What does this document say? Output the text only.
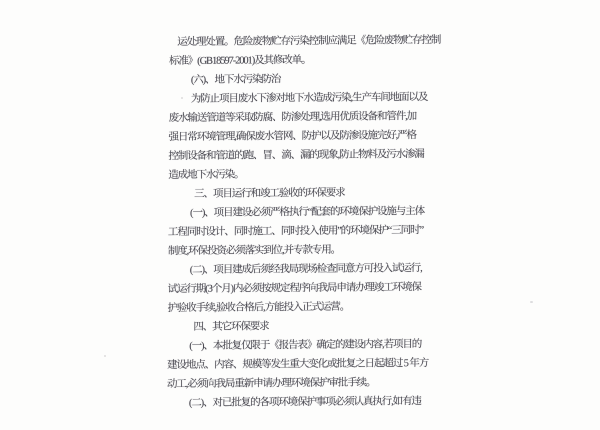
运处理处置。危险废物贮存污染控制应满足《危险废物贮存控制
标准》(GB18597-2001)及其修改单。
(六)、地下水污染防治
为防止项目废水下渗对地下水造成污染,生产车间地面以及
废水输送管道等采取防腐、防渗处理,选用优质设备和管件,加
强日常环境管理,确保废水管网、防护以及防渗设施完好,严格
控制设备和管道的跑、冒、滴、漏的现象,防止物料及污水渗漏
造成地下水污染。
三、项目运行和竣工验收的环保要求
(一)、项目建设必须严格执行“配套的环境保护设施与主体
工程同时设计、同时施工、同时投入使用”的环境保护“三同时”
制度,环保投资必须落实到位,并专款专用。
(二)、项目建成后须经我局现场检查同意方可投入试运行,
试运行期(3个月)内必须按规定程序向我局申请办理竣工环境保
护验收手续,验收合格后,方能投入正式运营。
四、其它环保要求
(一)、本批复仅限于《报告表》确定的建设内容,若项目的
建设地点、内容、规模等发生重大变化或批复之日起超过 5 年方
动工,必须向我局重新申请办理环境保护审批手续。
(二)、对已批复的各项环境保护事项必须认真执行,如有违
